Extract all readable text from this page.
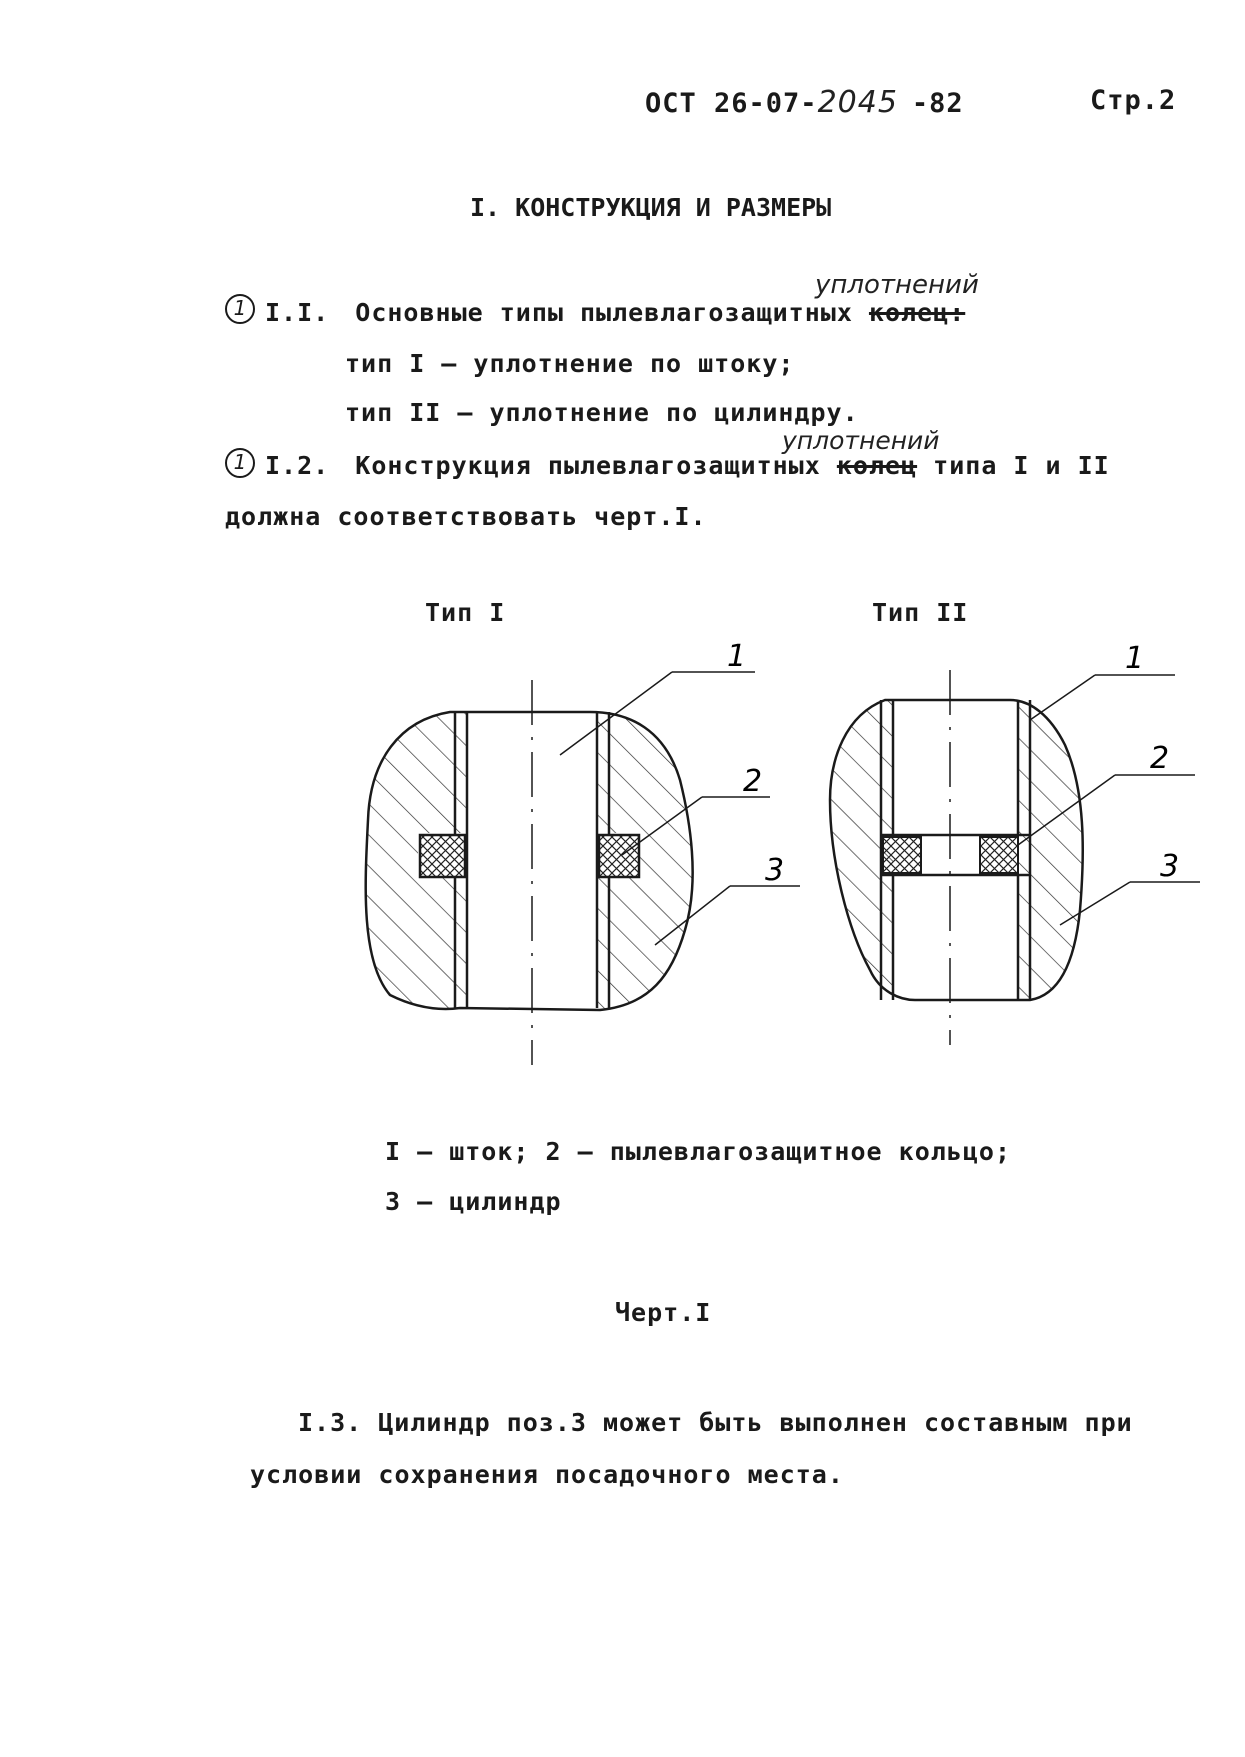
ОСТ 26-07-2045 -82	Стр.2
I. КОНСТРУКЦИЯ И РАЗМЕРЫ
уплотнений
1 I.I. Основные типы пылевлагозащитных колец:
тип I – уплотнение по штоку;
тип II – уплотнение по цилиндру.
уплотнений
1 I.2. Конструкция пылевлагозащитных колец типа I и II
должна соответствовать черт.I.
Тип I	Тип II
1
2
3
1
2
3
I – шток; 2 – пылевлагозащитное кольцо;
3 – цилиндр
Черт.I
I.3. Цилиндр поз.3 может быть выполнен составным при
условии сохранения посадочного места.
